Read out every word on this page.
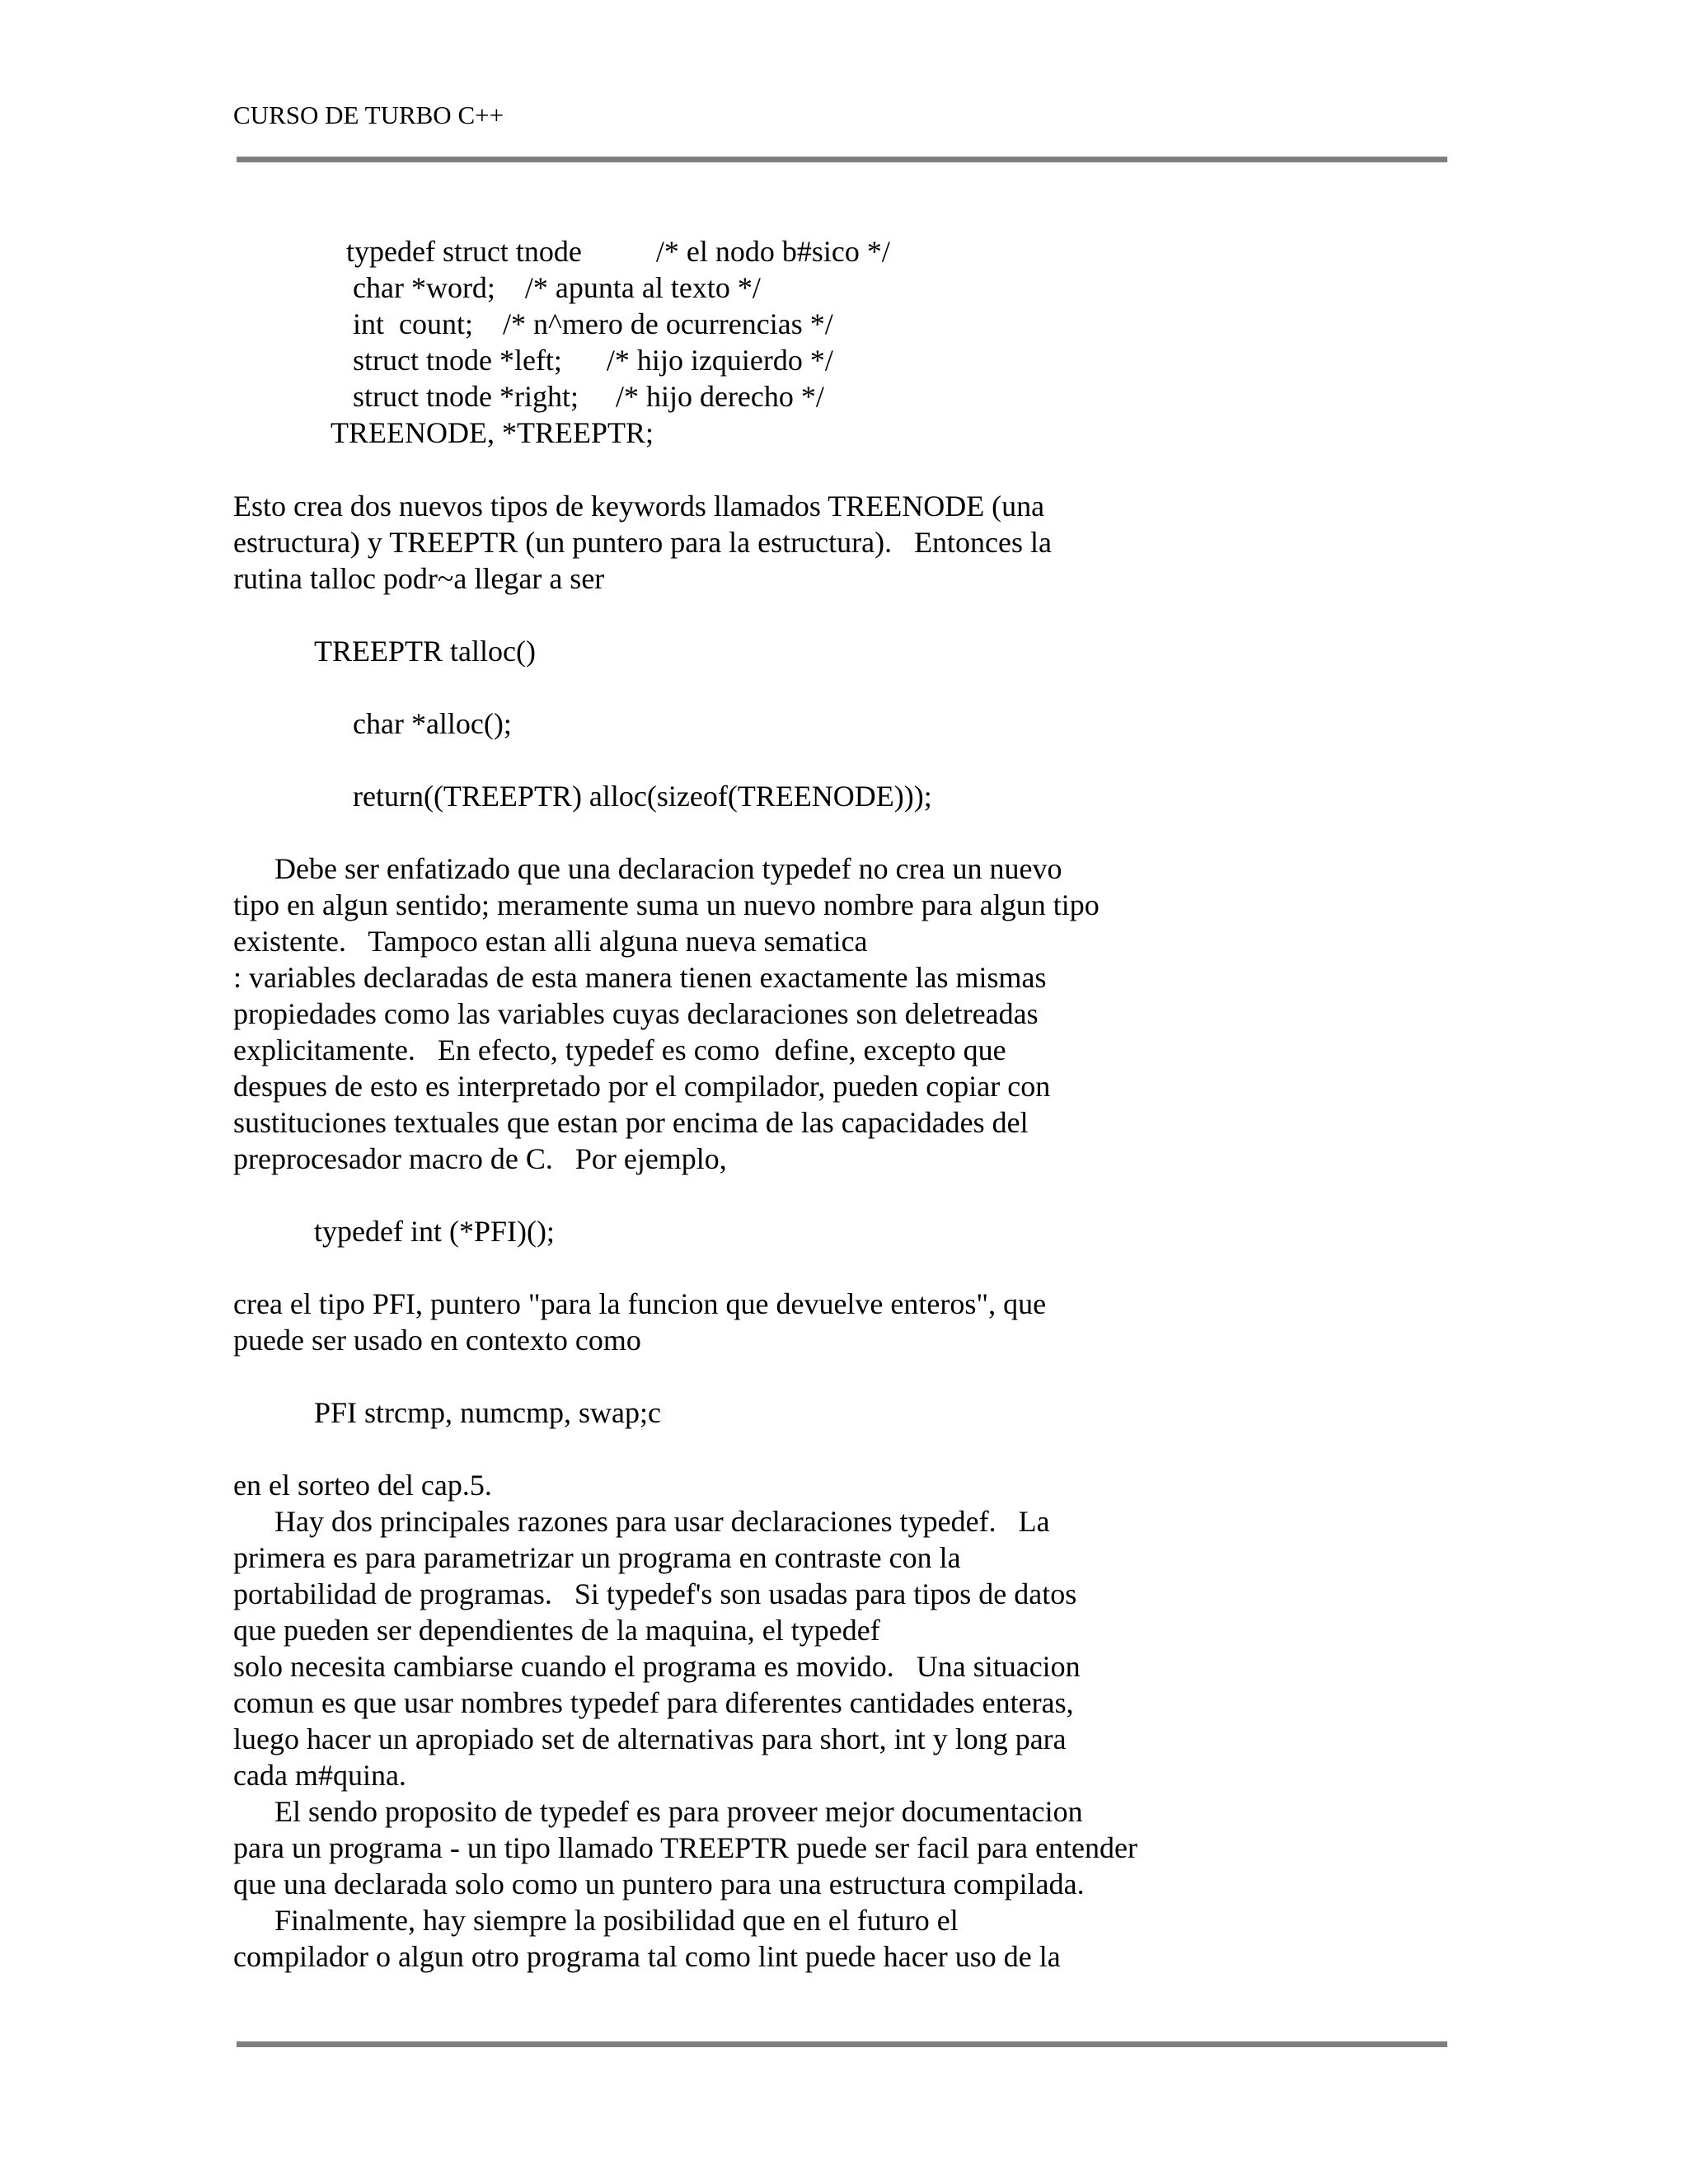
CURSO DE TURBO C++
typedef struct tnode          /* el nodo b#sico */
char *word;    /* apunta al texto */
int  count;    /* n^mero de ocurrencias */
struct tnode *left;      /* hijo izquierdo */
struct tnode *right;     /* hijo derecho */
TREENODE, *TREEPTR;
Esto crea dos nuevos tipos de keywords llamados TREENODE (una
estructura) y TREEPTR (un puntero para la estructura).   Entonces la
rutina talloc podr~a llegar a ser
TREEPTR talloc()
char *alloc();
return((TREEPTR) alloc(sizeof(TREENODE)));
Debe ser enfatizado que una declaracion typedef no crea un nuevo
tipo en algun sentido; meramente suma un nuevo nombre para algun tipo
existente.   Tampoco estan alli alguna nueva sematica
: variables declaradas de esta manera tienen exactamente las mismas
propiedades como las variables cuyas declaraciones son deletreadas
explicitamente.   En efecto, typedef es como  define, excepto que
despues de esto es interpretado por el compilador, pueden copiar con
sustituciones textuales que estan por encima de las capacidades del
preprocesador macro de C.   Por ejemplo,
typedef int (*PFI)();
crea el tipo PFI, puntero "para la funcion que devuelve enteros", que
puede ser usado en contexto como
PFI strcmp, numcmp, swap;c
en el sorteo del cap.5.
Hay dos principales razones para usar declaraciones typedef.   La
primera es para parametrizar un programa en contraste con la
portabilidad de programas.   Si typedef's son usadas para tipos de datos
que pueden ser dependientes de la maquina, el typedef
solo necesita cambiarse cuando el programa es movido.   Una situacion
comun es que usar nombres typedef para diferentes cantidades enteras,
luego hacer un apropiado set de alternativas para short, int y long para
cada m#quina.
El sendo proposito de typedef es para proveer mejor documentacion
para un programa - un tipo llamado TREEPTR puede ser facil para entender
que una declarada solo como un puntero para una estructura compilada.
Finalmente, hay siempre la posibilidad que en el futuro el
compilador o algun otro programa tal como lint puede hacer uso de la
